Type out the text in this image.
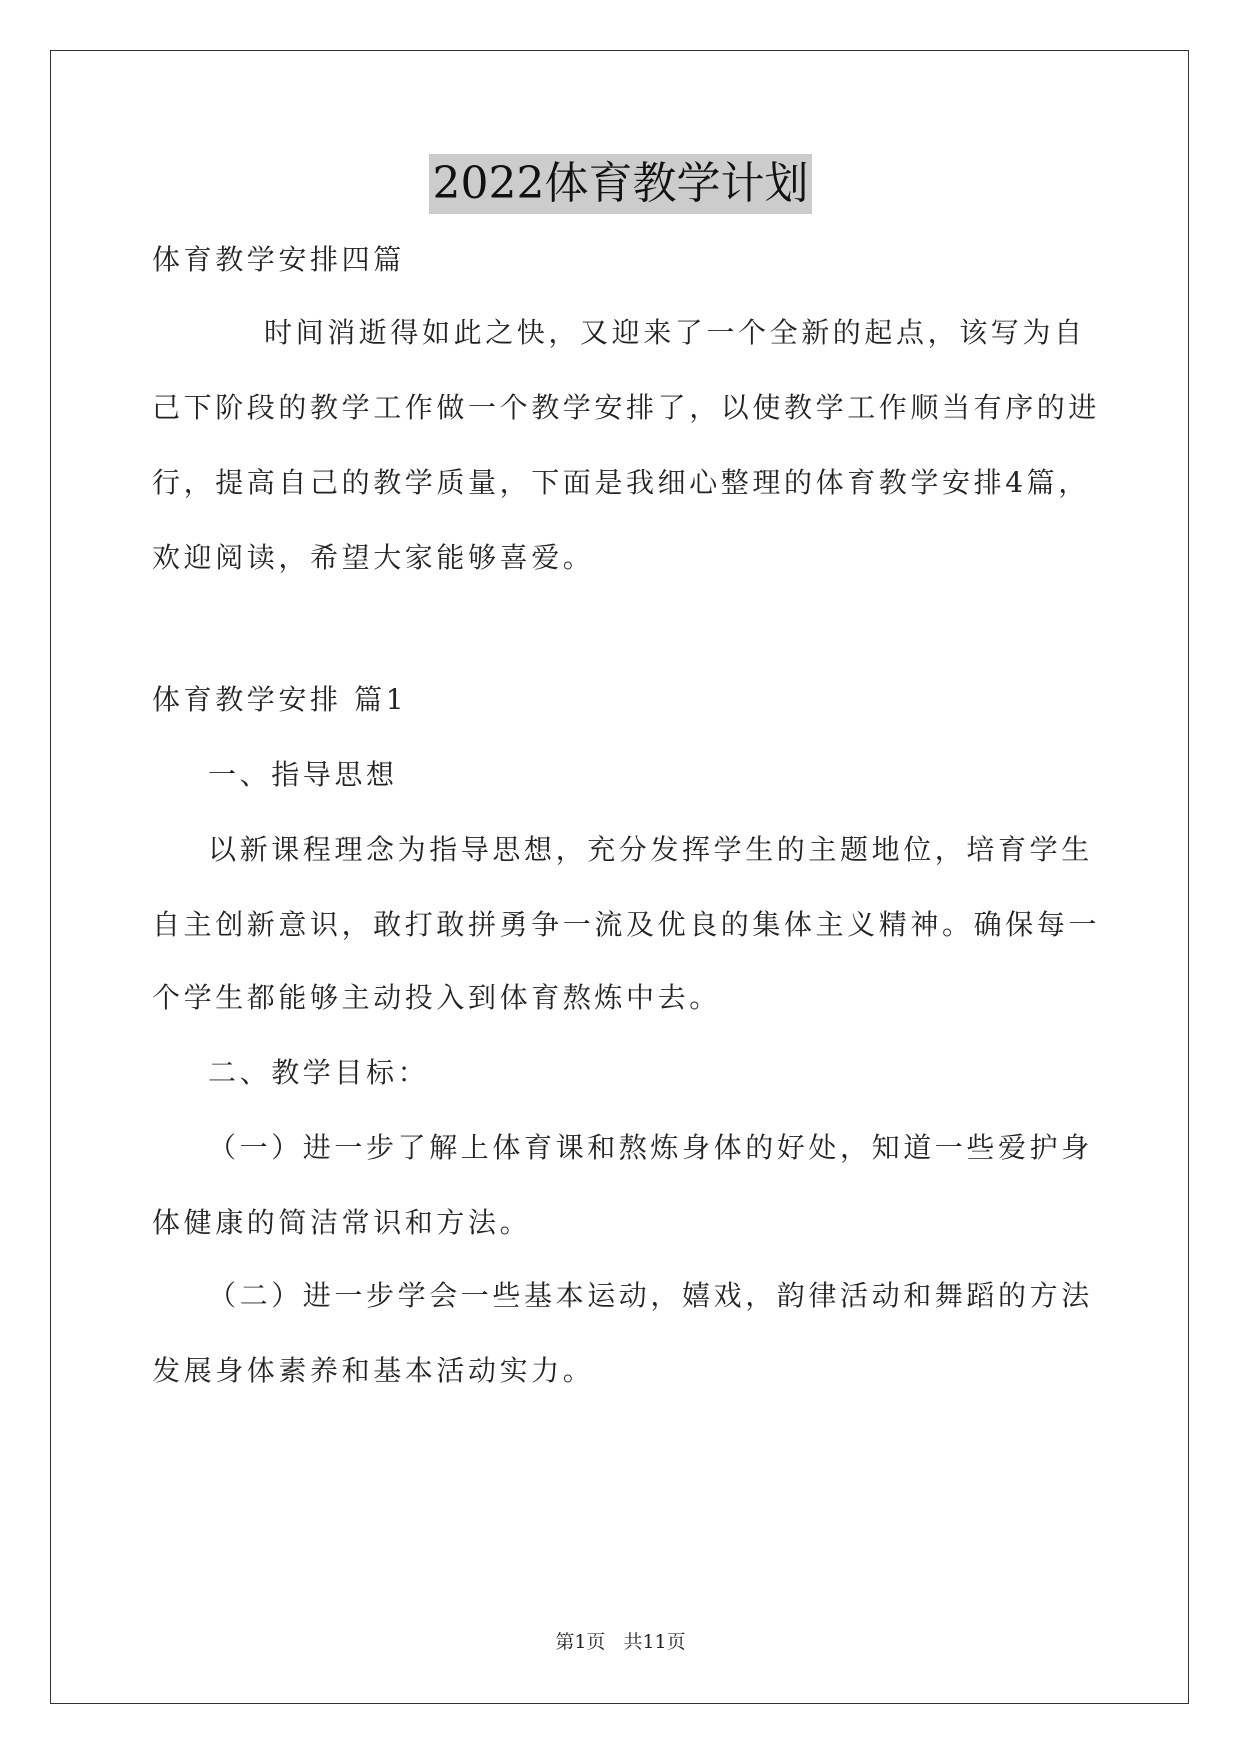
2022体育教学计划
体育教学安排四篇
时间消逝得如此之快，又迎来了一个全新的起点，该写为自
己下阶段的教学工作做一个教学安排了，以使教学工作顺当有序的进
行，提高自己的教学质量，下面是我细心整理的体育教学安排4篇，
欢迎阅读，希望大家能够喜爱。
体育教学安排 篇1
一、指导思想
以新课程理念为指导思想，充分发挥学生的主题地位，培育学生
自主创新意识，敢打敢拼勇争一流及优良的集体主义精神。确保每一
个学生都能够主动投入到体育熬炼中去。
二、教学目标：
（一）进一步了解上体育课和熬炼身体的好处，知道一些爱护身
体健康的简洁常识和方法。
（二）进一步学会一些基本运动，嬉戏，韵律活动和舞蹈的方法
发展身体素养和基本活动实力。
第1页 共11页
